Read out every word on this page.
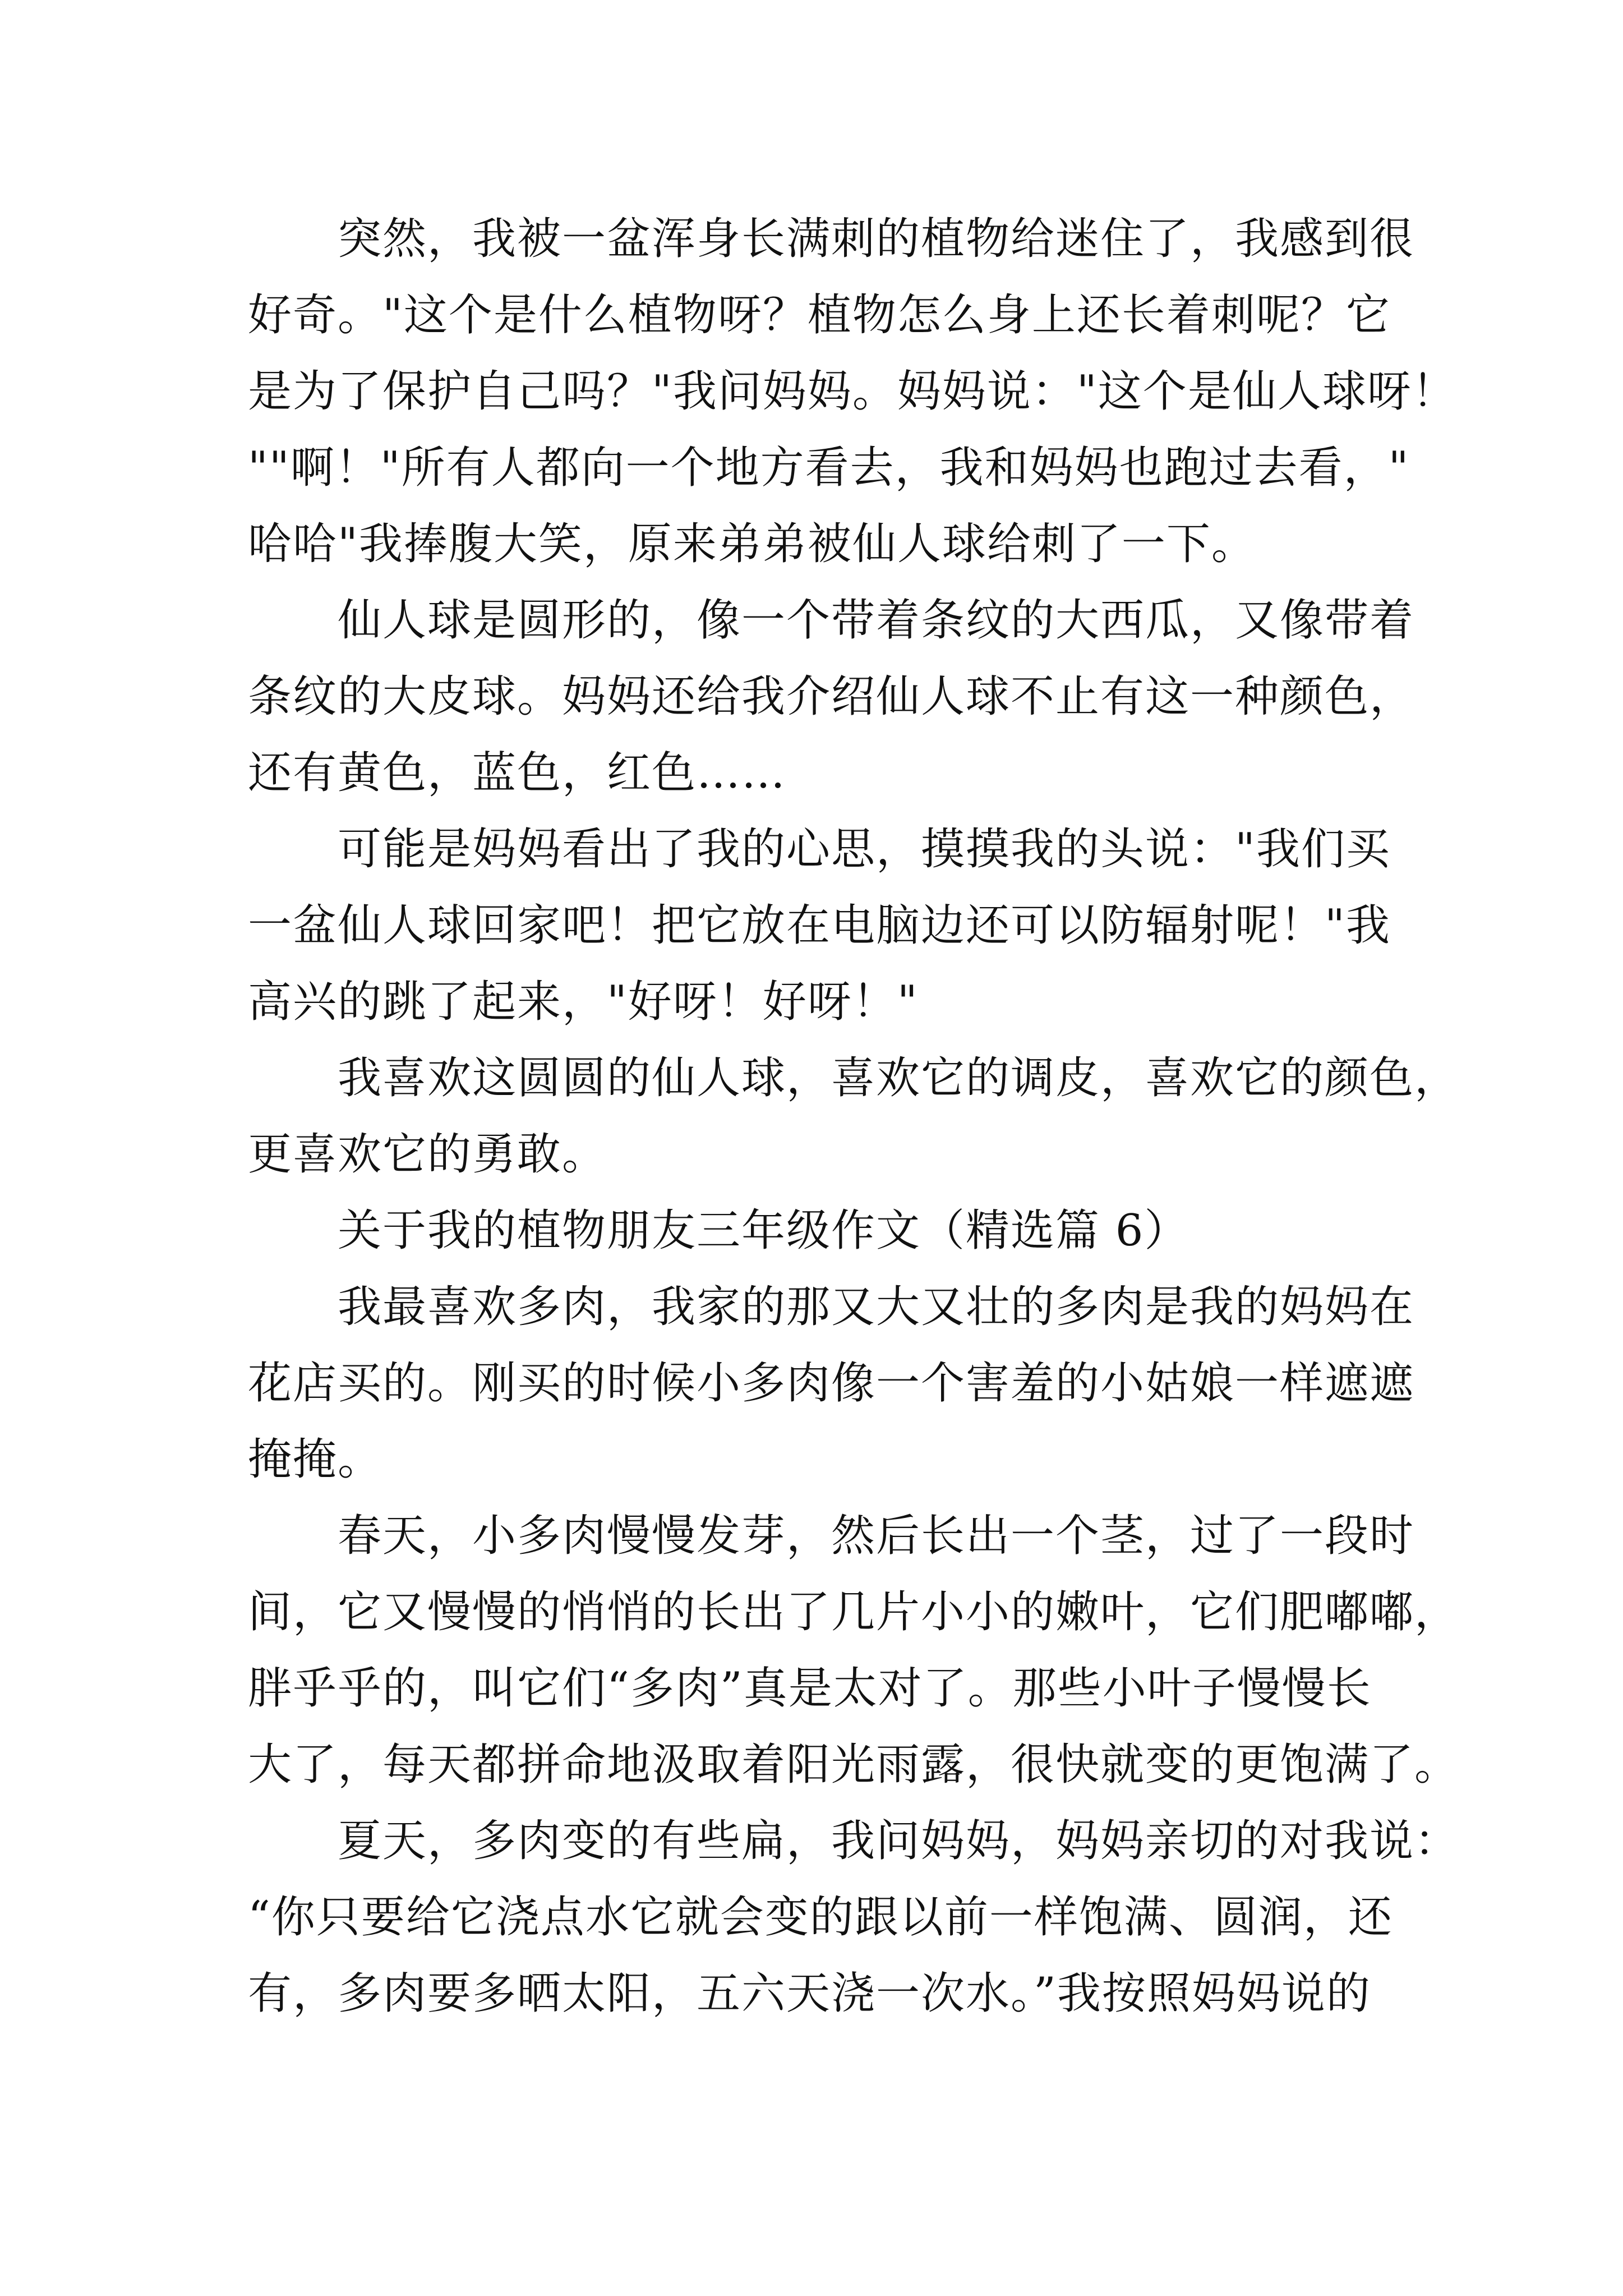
突然，我被一盆浑身长满刺的植物给迷住了，我感到很
好奇。"这个是什么植物呀？植物怎么身上还长着刺呢？它
是为了保护自己吗？"我问妈妈。妈妈说："这个是仙人球呀！
""啊！"所有人都向一个地方看去，我和妈妈也跑过去看，"
哈哈"我捧腹大笑，原来弟弟被仙人球给刺了一下。
仙人球是圆形的，像一个带着条纹的大西瓜，又像带着
条纹的大皮球。妈妈还给我介绍仙人球不止有这一种颜色，
还有黄色，蓝色，红色……
可能是妈妈看出了我的心思，摸摸我的头说："我们买
一盆仙人球回家吧！把它放在电脑边还可以防辐射呢！"我
高兴的跳了起来，"好呀！好呀！"
我喜欢这圆圆的仙人球，喜欢它的调皮，喜欢它的颜色，
更喜欢它的勇敢。
关于我的植物朋友三年级作文（精选篇 6）
我最喜欢多肉，我家的那又大又壮的多肉是我的妈妈在
花店买的。刚买的时候小多肉像一个害羞的小姑娘一样遮遮
掩掩。
春天，小多肉慢慢发芽，然后长出一个茎，过了一段时
间，它又慢慢的悄悄的长出了几片小小的嫩叶，它们肥嘟嘟，
胖乎乎的，叫它们“多肉”真是太对了。那些小叶子慢慢长
大了，每天都拼命地汲取着阳光雨露，很快就变的更饱满了。
夏天，多肉变的有些扁，我问妈妈，妈妈亲切的对我说：
“你只要给它浇点水它就会变的跟以前一样饱满、圆润，还
有，多肉要多晒太阳，五六天浇一次水。”我按照妈妈说的
